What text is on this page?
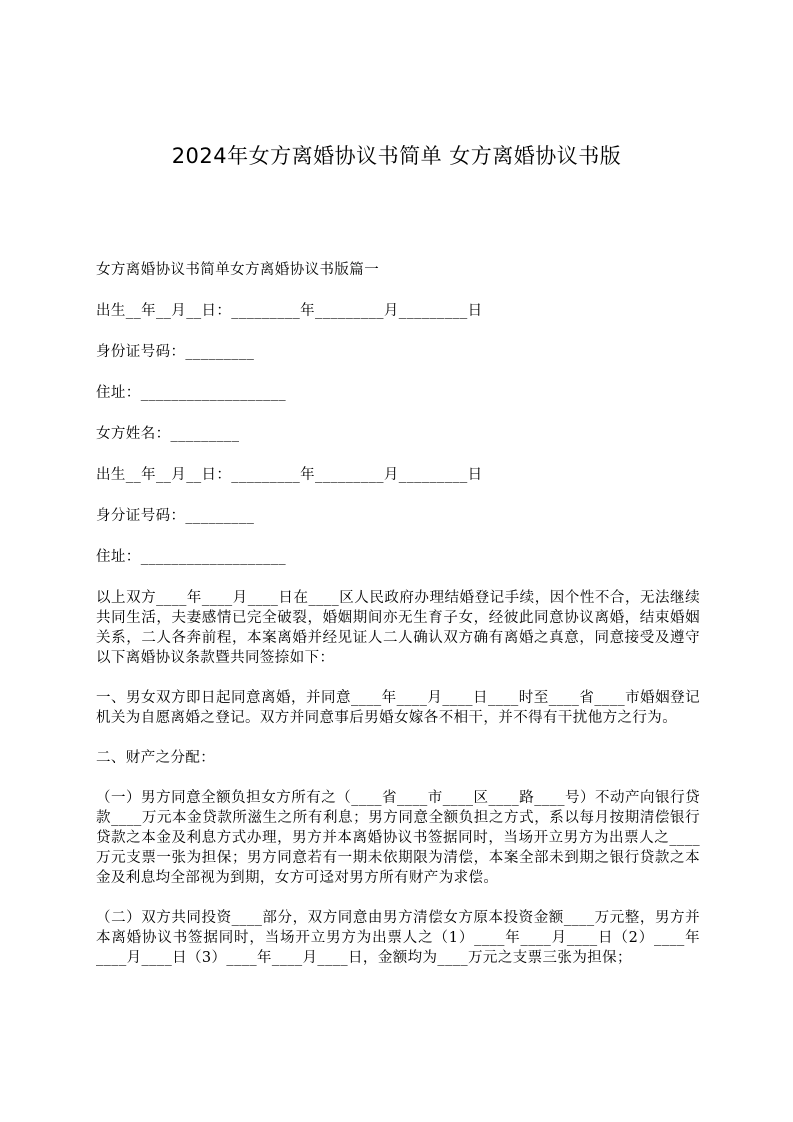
2024年女方离婚协议书简单 女方离婚协议书版

女方离婚协议书简单女方离婚协议书版篇一

出生__年__月__日：_________年_________月_________日

身份证号码：_________

住址：___________________

女方姓名：_________

出生__年__月__日：_________年_________月_________日

身分证号码：_________

住址：___________________

以上双方____年____月____日在____区人民政府办理结婚登记手续，因个性不合，无法继续共同生活，夫妻感情已完全破裂，婚姻期间亦无生育子女，经彼此同意协议离婚，结束婚姻关系，二人各奔前程，本案离婚并经见证人二人确认双方确有离婚之真意，同意接受及遵守以下离婚协议条款暨共同签捺如下：

一、男女双方即日起同意离婚，并同意____年____月____日____时至____省____市婚姻登记机关为自愿离婚之登记。双方并同意事后男婚女嫁各不相干，并不得有干扰他方之行为。

二、财产之分配：

（一）男方同意全额负担女方所有之（____省____市____区____路____号）不动产向银行贷款____万元本金贷款所滋生之所有利息；男方同意全额负担之方式，系以每月按期清偿银行贷款之本金及利息方式办理，男方并本离婚协议书签据同时，当场开立男方为出票人之____万元支票一张为担保；男方同意若有一期未依期限为清偿，本案全部未到期之银行贷款之本金及利息均全部视为到期，女方可迳对男方所有财产为求偿。

（二）双方共同投资____部分，双方同意由男方清偿女方原本投资金额____万元整，男方并本离婚协议书签据同时，当场开立男方为出票人之（1）____年____月____日（2）____年____月____日（3）____年____月____日，金额均为____万元之支票三张为担保；
